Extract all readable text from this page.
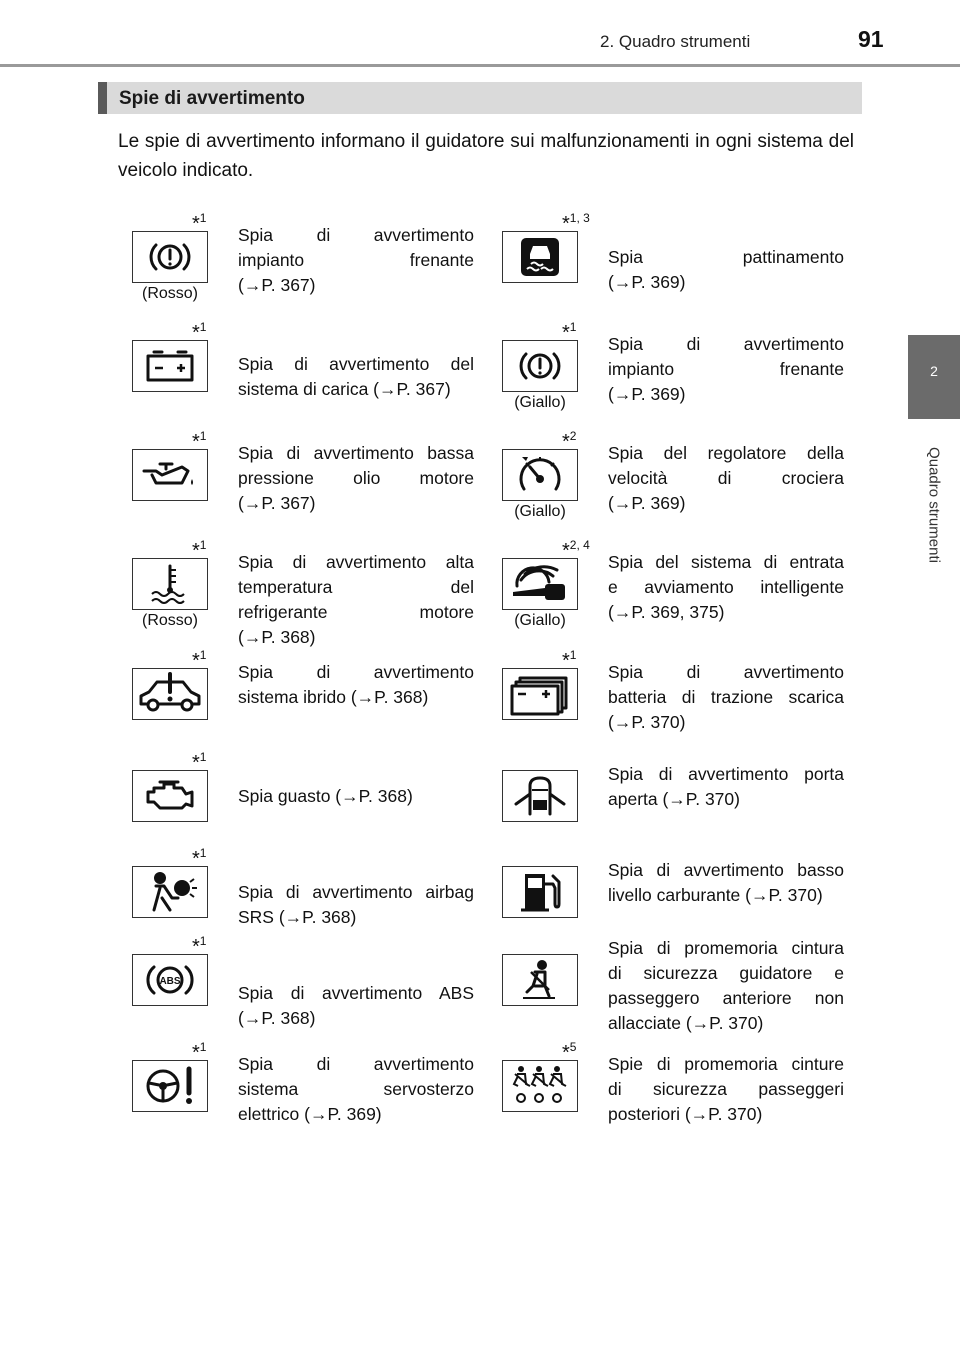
2. Quadro strumenti	91
2
Quadro strumenti
Spie di avvertimento
Le spie di avvertimento informano il guidatore sui malfunzionamenti in ogni sistema del veicolo indicato.
*1
(Rosso)
Spia di avvertimento
impianto frenante
(→P. 367)
*1
Spia di avvertimento del
sistema di carica (→P. 367)
*1
Spia di avvertimento bassa
pressione olio motore
(→P. 367)
*1
(Rosso)
Spia di avvertimento alta
temperatura del
refrigerante motore
(→P. 368)
*1
Spia di avvertimento
sistema ibrido (→P. 368)
*1
Spia guasto (→P. 368)
*1
Spia di avvertimento airbag
SRS (→P. 368)
ABS
*1
Spia di avvertimento ABS
(→P. 368)
*1
Spia di avvertimento
sistema servosterzo
elettrico (→P. 369)
*1, 3
Spia pattinamento
(→P. 369)
*1
(Giallo)
Spia di avvertimento
impianto frenante
(→P. 369)
*2
(Giallo)
Spia del regolatore della
velocità di crociera
(→P. 369)
*2, 4
(Giallo)
Spia del sistema di entrata
e avviamento intelligente
(→P. 369, 375)
*1
Spia di avvertimento
batteria di trazione scarica
(→P. 370)
Spia di avvertimento porta
aperta (→P. 370)
Spia di avvertimento basso
livello carburante (→P. 370)
Spia di promemoria cintura
di sicurezza guidatore e
passeggero anteriore non
allacciate (→P. 370)
*5
Spie di promemoria cinture
di sicurezza passeggeri
posteriori (→P. 370)
